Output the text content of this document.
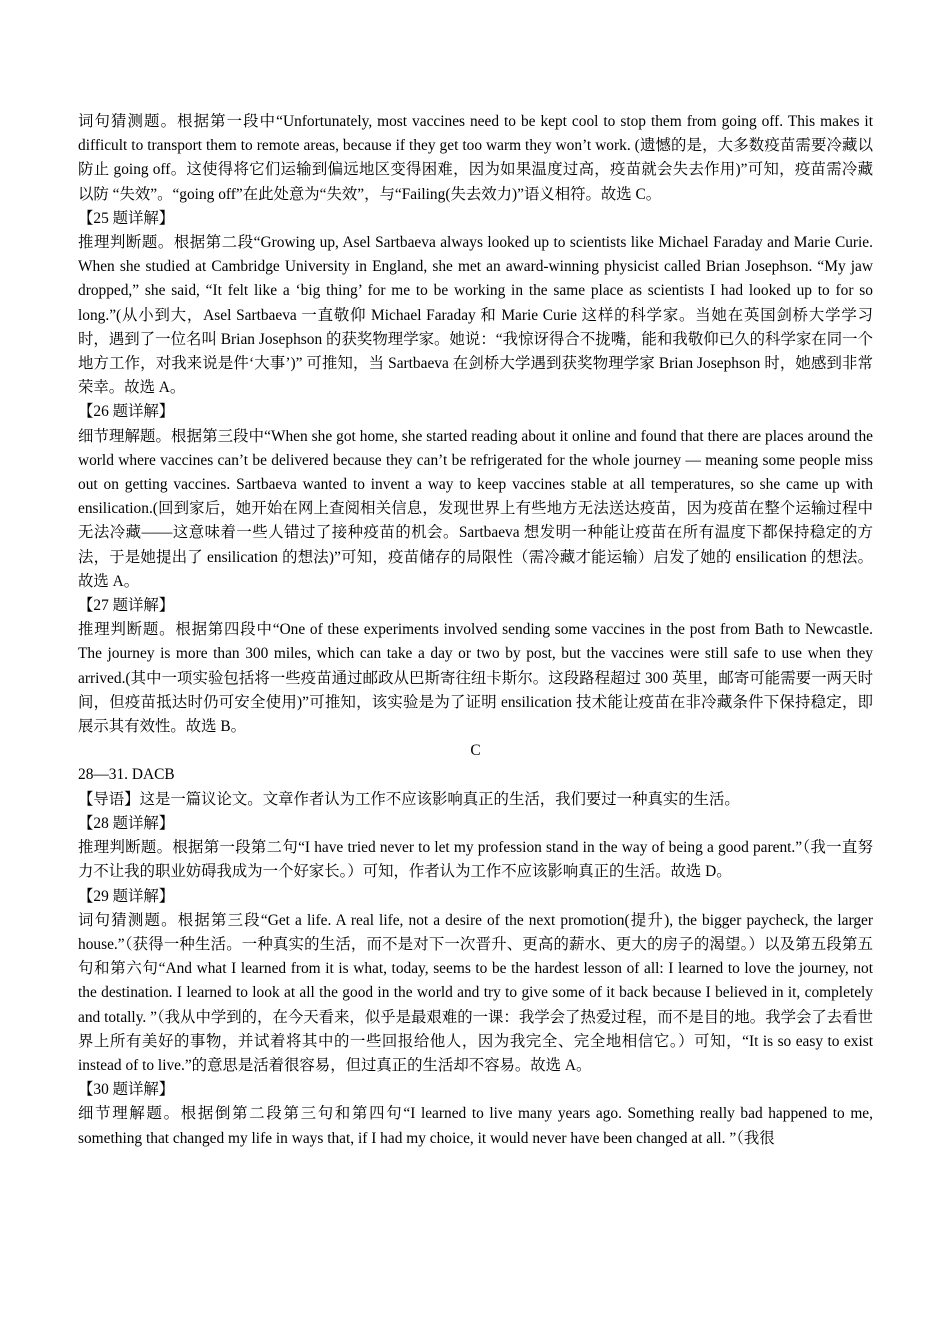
词句猜测题。根据第一段中“Unfortunately, most vaccines need to be kept cool to stop them from going off. This makes it difficult to transport them to remote areas, because if they get too warm they won’t work. (遗憾的是，大多数疫苗需要冷藏以防止 going off。这使得将它们运输到偏远地区变得困难，因为如果温度过高，疫苗就会失去作用)”可知，疫苗需冷藏以防 “失效”。“going off”在此处意为“失效”，与“Failing(失去效力)”语义相符。故选 C。

【25 题详解】

推理判断题。根据第二段“Growing up, Asel Sartbaeva always looked up to scientists like Michael Faraday and Marie Curie. When she studied at Cambridge University in England, she met an award-winning physicist called Brian Josephson. “My jaw dropped,” she said, “It felt like a ‘big thing’ for me to be working in the same place as scientists I had looked up to for so long.”(从小到大，Asel Sartbaeva 一直敬仰 Michael Faraday 和 Marie Curie 这样的科学家。当她在英国剑桥大学学习时，遇到了一位名叫 Brian Josephson 的获奖物理学家。她说：“我惊讶得合不拢嘴，能和我敬仰已久的科学家在同一个地方工作，对我来说是件‘大事’)” 可推知，当 Sartbaeva 在剑桥大学遇到获奖物理学家 Brian Josephson 时，她感到非常荣幸。故选 A。

【26 题详解】

细节理解题。根据第三段中“When she got home, she started reading about it online and found that there are places around the world where vaccines can’t be delivered because they can’t be refrigerated for the whole journey — meaning some people miss out on getting vaccines. Sartbaeva wanted to invent a way to keep vaccines stable at all temperatures, so she came up with ensilication.(回到家后，她开始在网上查阅相关信息，发现世界上有些地方无法送达疫苗，因为疫苗在整个运输过程中无法冷藏——这意味着一些人错过了接种疫苗的机会。Sartbaeva 想发明一种能让疫苗在所有温度下都保持稳定的方法，于是她提出了 ensilication 的想法)”可知，疫苗储存的局限性（需冷藏才能运输）启发了她的 ensilication 的想法。故选 A。

【27 题详解】

推理判断题。根据第四段中“One of these experiments involved sending some vaccines in the post from Bath to Newcastle. The journey is more than 300 miles, which can take a day or two by post, but the vaccines were still safe to use when they arrived.(其中一项实验包括将一些疫苗通过邮政从巴斯寄往纽卡斯尔。这段路程超过 300 英里，邮寄可能需要一两天时间，但疫苗抵达时仍可安全使用)”可推知，该实验是为了证明 ensilication 技术能让疫苗在非冷藏条件下保持稳定，即展示其有效性。故选 B。

C

28—31. DACB

【导语】这是一篇议论文。文章作者认为工作不应该影响真正的生活，我们要过一种真实的生活。

【28 题详解】

推理判断题。根据第一段第二句“I have tried never to let my profession stand in the way of being a good parent.”（我一直努力不让我的职业妨碍我成为一个好家长。）可知，作者认为工作不应该影响真正的生活。故选 D。

【29 题详解】

词句猜测题。根据第三段“Get a life. A real life, not a desire of the next promotion(提升), the bigger paycheck, the larger house.”（获得一种生活。一种真实的生活，而不是对下一次晋升、更高的薪水、更大的房子的渴望。）以及第五段第五句和第六句“And what I learned from it is what, today, seems to be the hardest lesson of all: I learned to love the journey, not the destination. I learned to look at all the good in the world and try to give some of it back because I believed in it, completely and totally. ”（我从中学到的，在今天看来，似乎是最艰难的一课：我学会了热爱过程，而不是目的地。我学会了去看世界上所有美好的事物，并试着将其中的一些回报给他人，因为我完全、完全地相信它。）可知，“It is so easy to exist instead of to live.”的意思是活着很容易，但过真正的生活却不容易。故选 A。

【30 题详解】

细节理解题。根据倒第二段第三句和第四句“I learned to live many years ago. Something really bad happened to me, something that changed my life in ways that, if I had my choice, it would never have been changed at all. ”（我很
